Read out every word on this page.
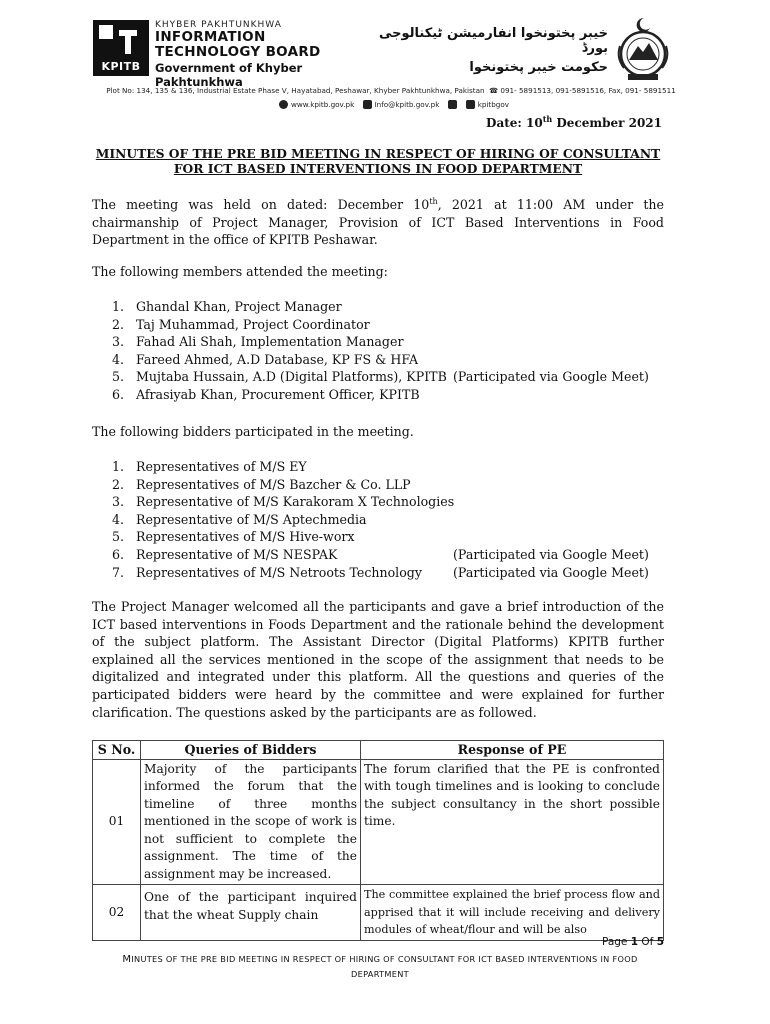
KPITB
KHYBER PAKHTUNKHWA
INFORMATION
TECHNOLOGY BOARD
Government of Khyber Pakhtunkhwa
خیبر پختونخوا انفارمیشن ٹیکنالوجی بورڈ
حکومت خیبر پختونخوا
Plot No: 134, 135 & 136, Industrial Estate Phase V, Hayatabad, Peshawar, Khyber Pakhtunkhwa, Pakistan  ☎ 091- 5891513, 091-5891516, Fax, 091- 5891511
www.kpitb.gov.pk	Info@kpitb.gov.pk	kpitbgov
Date: 10th December 2021
MINUTES OF THE PRE BID MEETING IN RESPECT OF HIRING OF CONSULTANT FOR ICT BASED INTERVENTIONS IN FOOD DEPARTMENT
The meeting was held on dated: December 10th, 2021 at 11:00 AM under the chairmanship of Project Manager, Provision of ICT Based Interventions in Food Department in the office of KPITB Peshawar.
The following members attended the meeting:
1. Ghandal Khan, Project Manager
2. Taj Muhammad, Project Coordinator
3. Fahad Ali Shah, Implementation Manager
4. Fareed Ahmed, A.D Database, KP FS & HFA
5. Mujtaba Hussain, A.D (Digital Platforms), KPITB (Participated via Google Meet)
6. Afrasiyab Khan, Procurement Officer, KPITB
The following bidders participated in the meeting.
1. Representatives of M/S EY
2. Representatives of M/S Bazcher & Co. LLP
3. Representative of M/S Karakoram X Technologies
4. Representative of M/S Aptechmedia
5. Representatives of M/S Hive-worx
6. Representative of M/S NESPAK	(Participated via Google Meet)
7. Representatives of M/S Netroots Technology (Participated via Google Meet)
The Project Manager welcomed all the participants and gave a brief introduction of the ICT based interventions in Foods Department and the rationale behind the development of the subject platform. The Assistant Director (Digital Platforms) KPITB further explained all the services mentioned in the scope of the assignment that needs to be digitalized and integrated under this platform. All the questions and queries of the participated bidders were heard by the committee and were explained for further clarification. The questions asked by the participants are as followed.
S No.	Queries of Bidders	Response of PE
01	Majority of the participants informed the forum that the timeline of three months mentioned in the scope of work is not sufficient to complete the assignment. The time of the assignment may be increased.	The forum clarified that the PE is confronted with tough timelines and is looking to conclude the subject consultancy in the short possible time.
02	One of the participant inquired that the wheat Supply chain	The committee explained the brief process flow and apprised that it will include receiving and delivery modules of wheat/flour and will be also
Page 1 Of 5
MINUTES OF THE PRE BID MEETING IN RESPECT OF HIRING OF CONSULTANT FOR ICT BASED INTERVENTIONS IN FOOD DEPARTMENT
